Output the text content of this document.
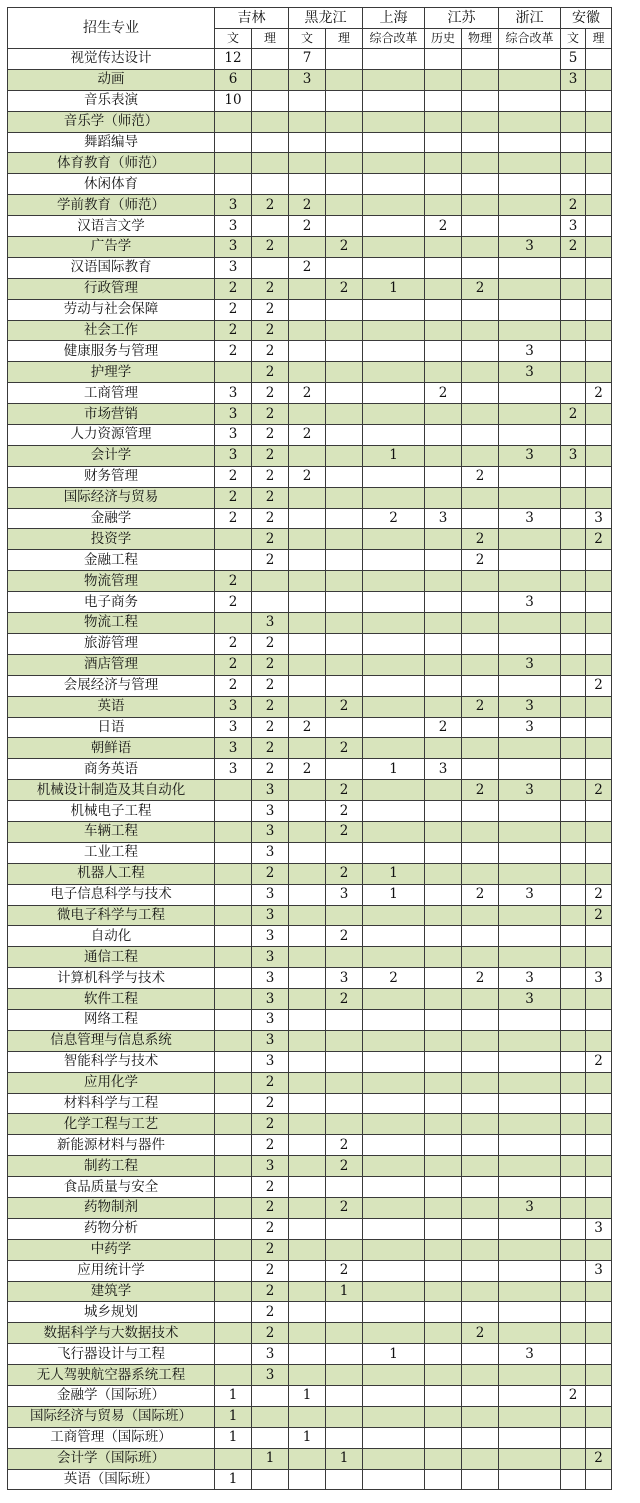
招生专业	吉林		黑龙江		上海	江苏		浙江	安徽	
	文	理	文	理	综合改革	历史	物理	综合改革	文	理
视觉传达设计	12		7						5	
动画	6		3						3	
音乐表演	10									
音乐学（师范）										
舞蹈编导										
体育教育（师范）										
休闲体育										
学前教育（师范）	3	2	2						2	
汉语言文学	3		2			2			3	
广告学	3	2		2				3	2	
汉语国际教育	3		2							
行政管理	2	2		2	1		2			
劳动与社会保障	2	2								
社会工作	2	2								
健康服务与管理	2	2						3		
护理学		2						3		
工商管理	3	2	2			2				2
市场营销	3	2							2	
人力资源管理	3	2	2							
会计学	3	2			1			3	3	
财务管理	2	2	2				2			
国际经济与贸易	2	2								
金融学	2	2			2	3		3		3
投资学		2					2			2
金融工程		2					2			
物流管理	2									
电子商务	2							3		
物流工程		3								
旅游管理	2	2								
酒店管理	2	2						3		
会展经济与管理	2	2								2
英语	3	2		2			2	3		
日语	3	2	2			2		3		
朝鲜语	3	2		2						
商务英语	3	2	2		1	3				
机械设计制造及其自动化		3		2			2	3		2
机械电子工程		3		2						
车辆工程		3		2						
工业工程		3								
机器人工程		2		2	1					
电子信息科学与技术		3		3	1		2	3		2
微电子科学与工程		3								2
自动化		3		2						
通信工程		3								
计算机科学与技术		3		3	2		2	3		3
软件工程		3		2				3		
网络工程		3								
信息管理与信息系统		3								
智能科学与技术		3								2
应用化学		2								
材料科学与工程		2								
化学工程与工艺		2								
新能源材料与器件		2		2						
制药工程		3		2						
食品质量与安全		2								
药物制剂		2		2				3		
药物分析		2								3
中药学		2								
应用统计学		2		2						3
建筑学		2		1						
城乡规划		2								
数据科学与大数据技术		2					2			
飞行器设计与工程		3			1			3		
无人驾驶航空器系统工程		3								
金融学（国际班）	1		1						2	
国际经济与贸易（国际班）	1									
工商管理（国际班）	1		1							
会计学（国际班）		1		1						2
英语（国际班）	1									
